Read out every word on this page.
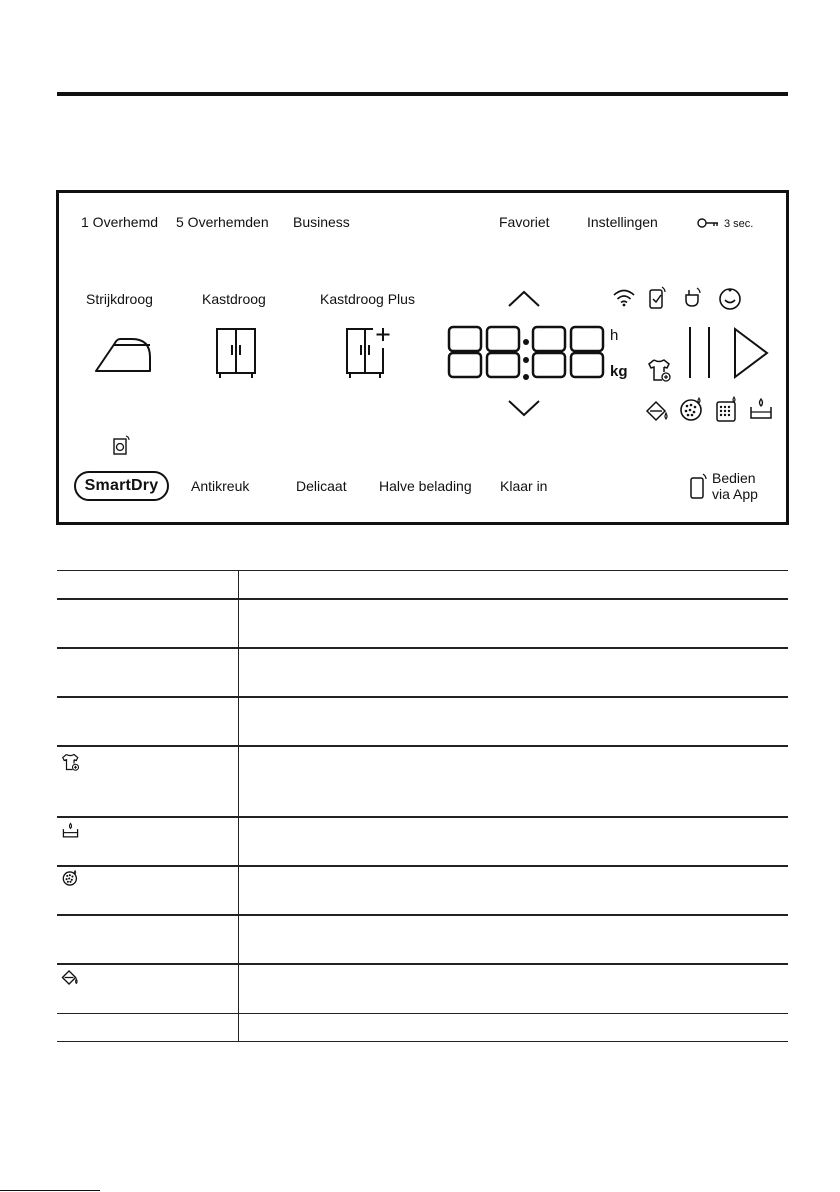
1 Overhemd 5 Overhemden Business	Favoriet	Instellingen	3 sec.
Strijkdroog	Kastdroog	Kastdroog Plus
h
kg
SmartDry	Antikreuk	Delicaat Halve belading Klaar in	Bedien
via App
